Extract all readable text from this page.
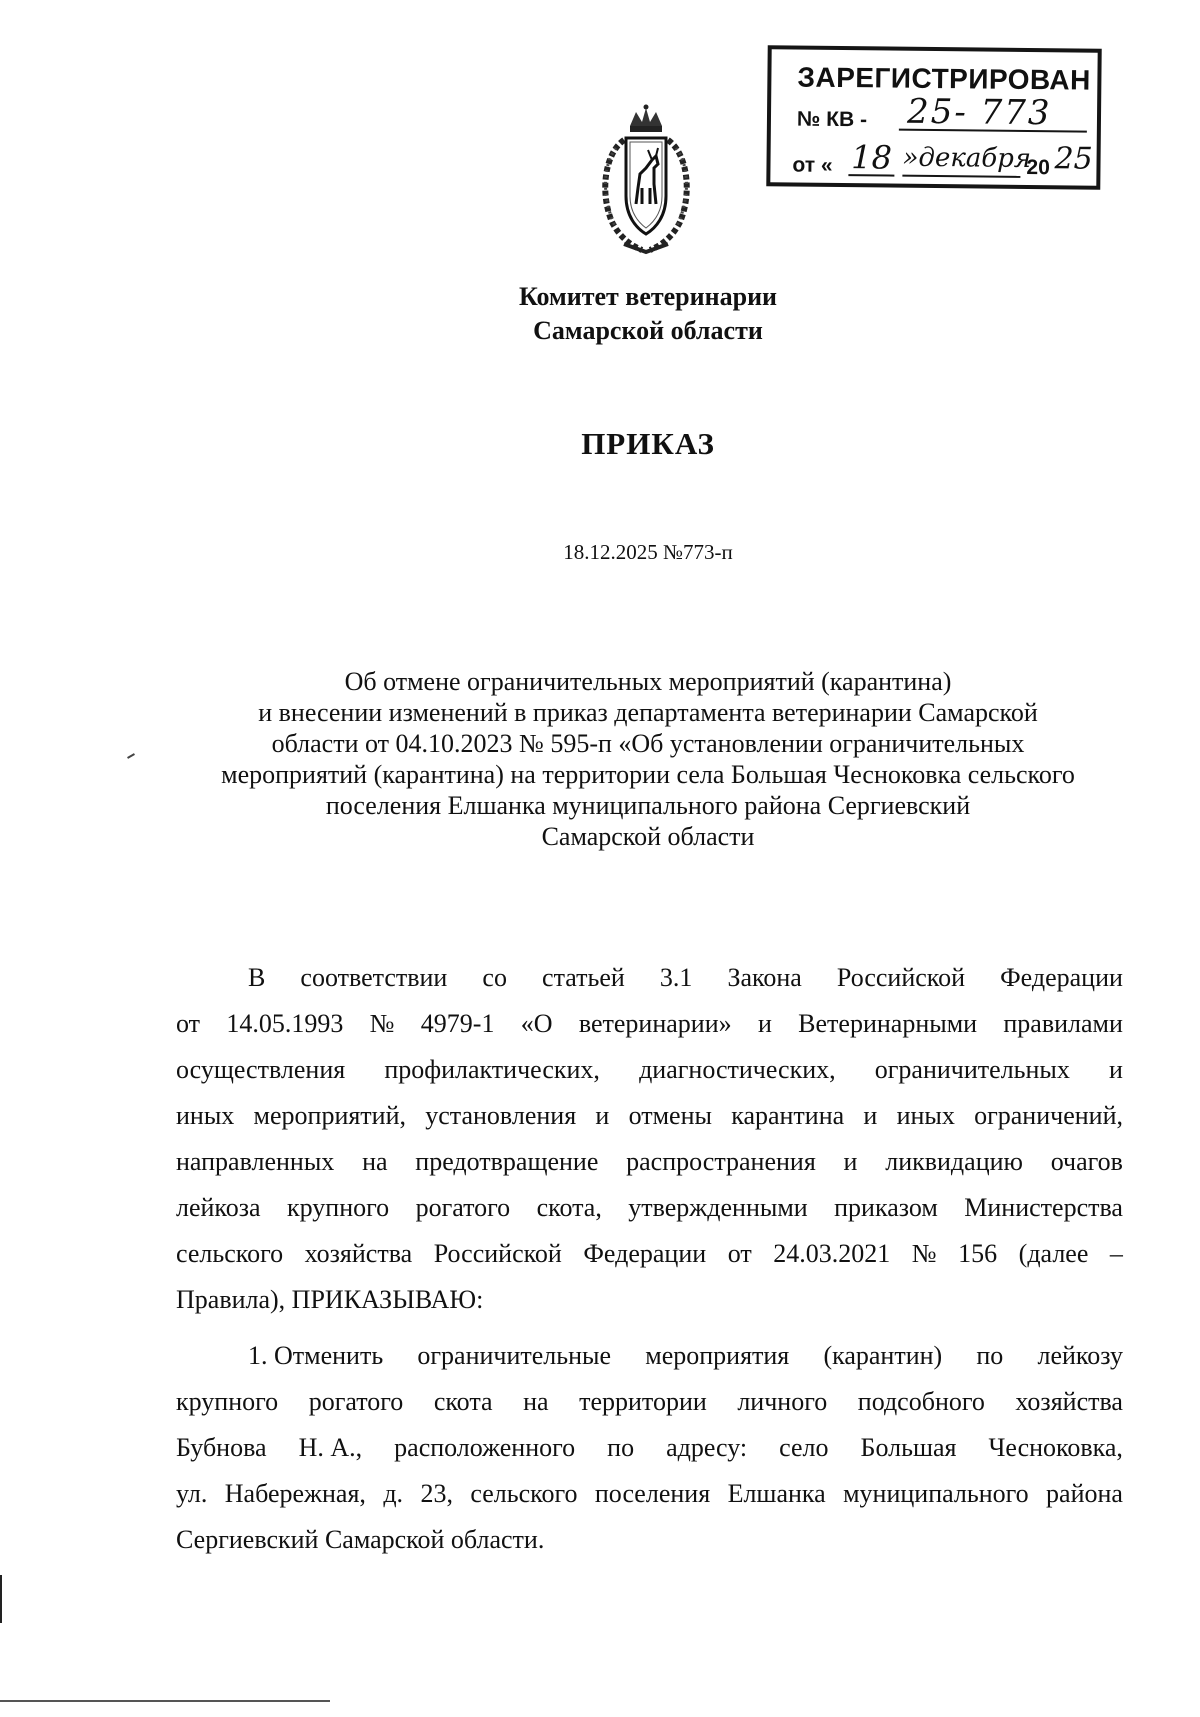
ЗАРЕГИСТРИРОВАН
№ КВ - 25- 773
от « 18 »декабря
20 25
Комитет ветеринарии
Самарской области
ПРИКАЗ
18.12.2025 №773-п
Об отмене ограничительных мероприятий (карантина)
и внесении изменений в приказ департамента ветеринарии Самарской
области от 04.10.2023 № 595-п «Об установлении ограничительных
мероприятий (карантина) на территории села Большая Чесноковка сельского
поселения Елшанка муниципального района Сергиевский
Самарской области
В соответствии со статьей 3.1 Закона Российской Федерации
от 14.05.1993 № 4979-1 «О ветеринарии» и Ветеринарными правилами
осуществления профилактических, диагностических, ограничительных и
иных мероприятий, установления и отмены карантина и иных ограничений,
направленных на предотвращение распространения и ликвидацию очагов
лейкоза крупного рогатого скота, утвержденными приказом Министерства
сельского хозяйства Российской Федерации от 24.03.2021 № 156 (далее –
Правила), ПРИКАЗЫВАЮ:
1. Отменить ограничительные мероприятия (карантин) по лейкозу
крупного рогатого скота на территории личного подсобного хозяйства
Бубнова Н. А., расположенного по адресу: село Большая Чесноковка,
ул. Набережная, д. 23, сельского поселения Елшанка муниципального района
Сергиевский Самарской области.
